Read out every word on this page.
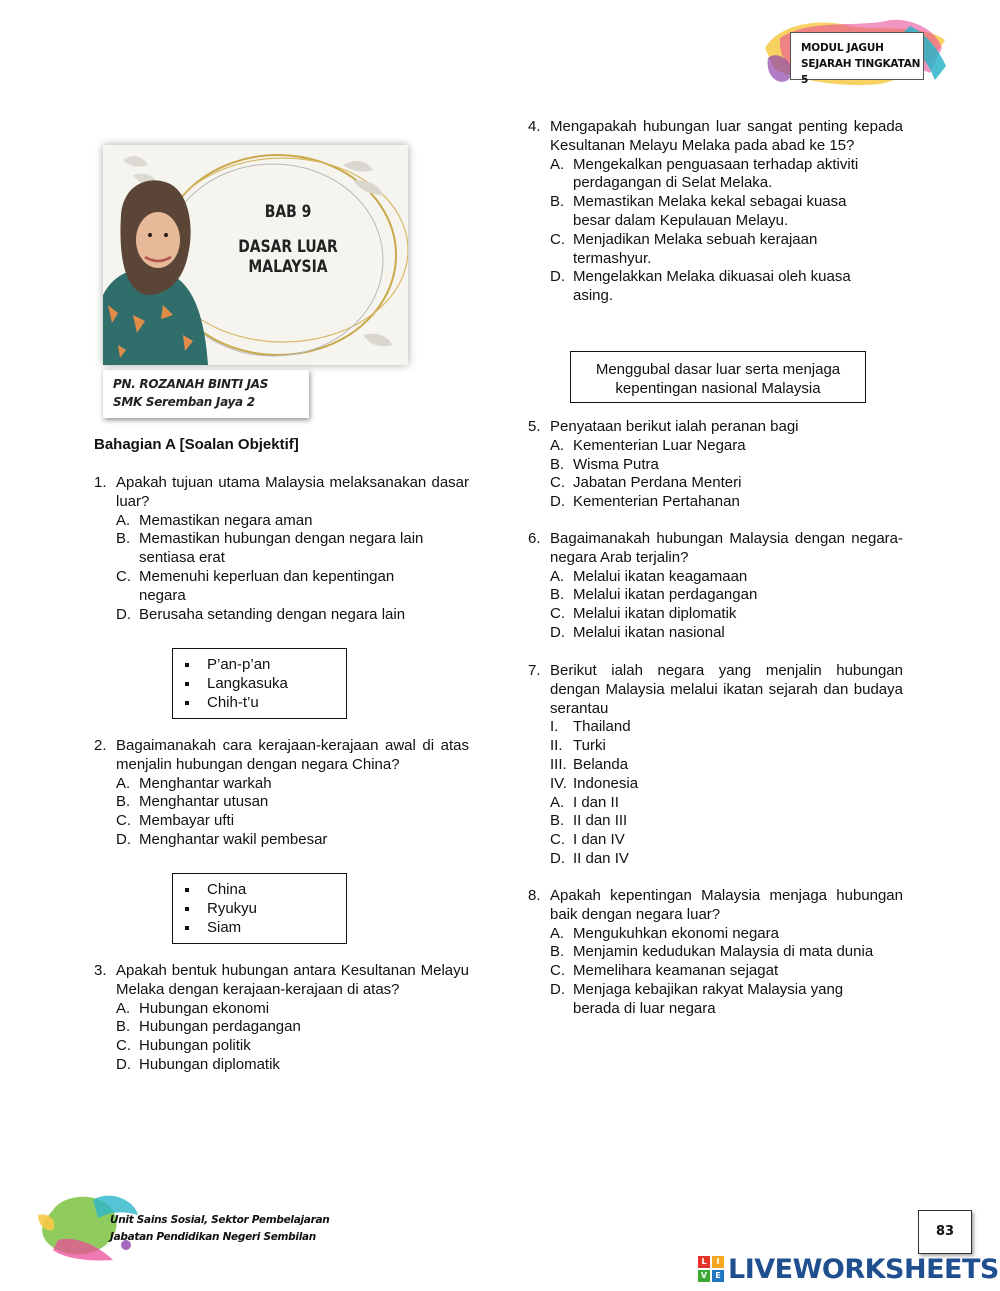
MODUL JAGUH
SEJARAH TINGKATAN 5
BAB 9
DASAR LUAR MALAYSIA
PN. ROZANAH BINTI JAS
SMK Seremban Jaya 2
Bahagian A [Soalan Objektif]
1. Apakah tujuan utama Malaysia melaksanakan dasar luar?
A. Memastikan negara aman
B. Memastikan hubungan dengan negara lain sentiasa erat
C. Memenuhi keperluan dan kepentingan negara
D. Berusaha setanding dengan negara lain
P’an-p’an
Langkasuka
Chih-t’u
2. Bagaimanakah cara kerajaan-kerajaan awal di atas menjalin hubungan dengan negara China?
A. Menghantar warkah
B. Menghantar utusan
C. Membayar ufti
D. Menghantar wakil pembesar
China
Ryukyu
Siam
3. Apakah bentuk hubungan antara Kesultanan Melayu Melaka dengan kerajaan-kerajaan di atas?
A. Hubungan ekonomi
B. Hubungan perdagangan
C. Hubungan politik
D. Hubungan diplomatik
4. Mengapakah hubungan luar sangat penting kepada Kesultanan Melayu Melaka pada abad ke 15?
A. Mengekalkan penguasaan terhadap aktiviti perdagangan di Selat Melaka.
B. Memastikan Melaka kekal sebagai kuasa besar dalam Kepulauan Melayu.
C. Menjadikan Melaka sebuah kerajaan termashyur.
D. Mengelakkan Melaka dikuasai oleh kuasa asing.
Menggubal dasar luar serta menjaga kepentingan nasional Malaysia
5. Penyataan berikut ialah peranan bagi
A. Kementerian Luar Negara
B. Wisma Putra
C. Jabatan Perdana Menteri
D. Kementerian Pertahanan
6. Bagaimanakah hubungan Malaysia dengan negara-negara Arab terjalin?
A. Melalui ikatan keagamaan
B. Melalui ikatan perdagangan
C. Melalui ikatan diplomatik
D. Melalui ikatan nasional
7. Berikut ialah negara yang menjalin hubungan dengan Malaysia melalui ikatan sejarah dan budaya serantau
I. Thailand
II. Turki
III. Belanda
IV. Indonesia
A. I dan II
B. II dan III
C. I dan IV
D. II dan IV
8. Apakah kepentingan Malaysia menjaga hubungan baik dengan negara luar?
A. Mengukuhkan ekonomi negara
B. Menjamin kedudukan Malaysia di mata dunia
C. Memelihara keamanan sejagat
D. Menjaga kebajikan rakyat Malaysia yang berada di luar negara
Unit Sains Sosial, Sektor Pembelajaran
Jabatan Pendidikan Negeri Sembilan	83
L	I
V	E LIVEWORKSHEETS
